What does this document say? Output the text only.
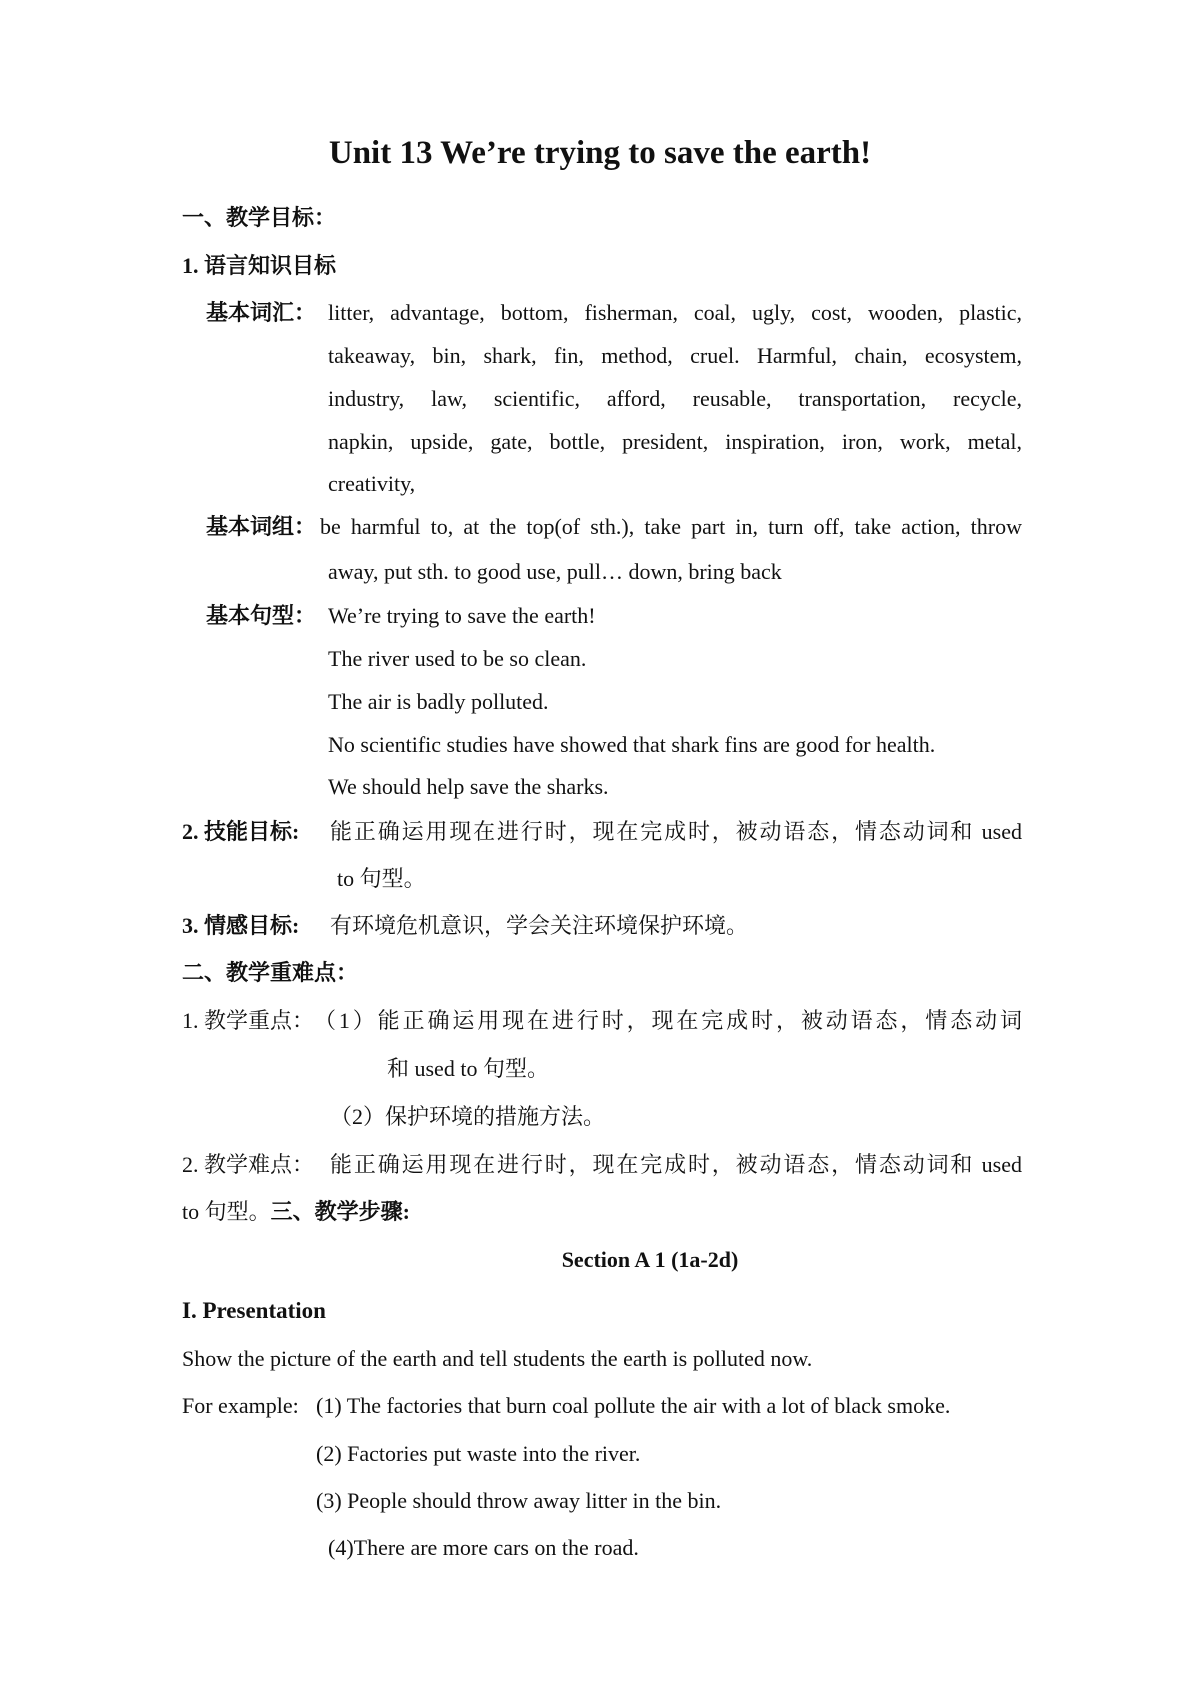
Unit 13 We’re trying to save the earth!
一、教学目标：
1. 语言知识目标
基本词汇： litter, advantage, bottom, fisherman, coal, ugly, cost, wooden, plastic,
takeaway, bin, shark, fin, method, cruel. Harmful, chain, ecosystem,
industry, law, scientific, afford, reusable, transportation, recycle,
napkin, upside, gate, bottle, president, inspiration, iron, work, metal,
creativity,
基本词组： be harmful to, at the top(of sth.), take part in, turn off, take action, throw
away, put sth. to good use, pull… down, bring back
基本句型： We’re trying to save the earth!
The river used to be so clean.
The air is badly polluted.
No scientific studies have showed that shark fins are good for health.
We should help save the sharks.
2. 技能目标: 能正确运用现在进行时，现在完成时，被动语态，情态动词和 used
to 句型。
3. 情感目标: 有环境危机意识，学会关注环境保护环境。
二、教学重难点：
1. 教学重点： （1）能正确运用现在进行时，现在完成时，被动语态，情态动词
和 used to 句型。
（2）保护环境的措施方法。
2. 教学难点： 能正确运用现在进行时，现在完成时，被动语态，情态动词和 used
to 句型。三、教学步骤:
Section A 1 (1a-2d)
I. Presentation
Show the picture of the earth and tell students the earth is polluted now.
For example: (1) The factories that burn coal pollute the air with a lot of black smoke.
(2) Factories put waste into the river.
(3) People should throw away litter in the bin.
(4)There are more cars on the road.
